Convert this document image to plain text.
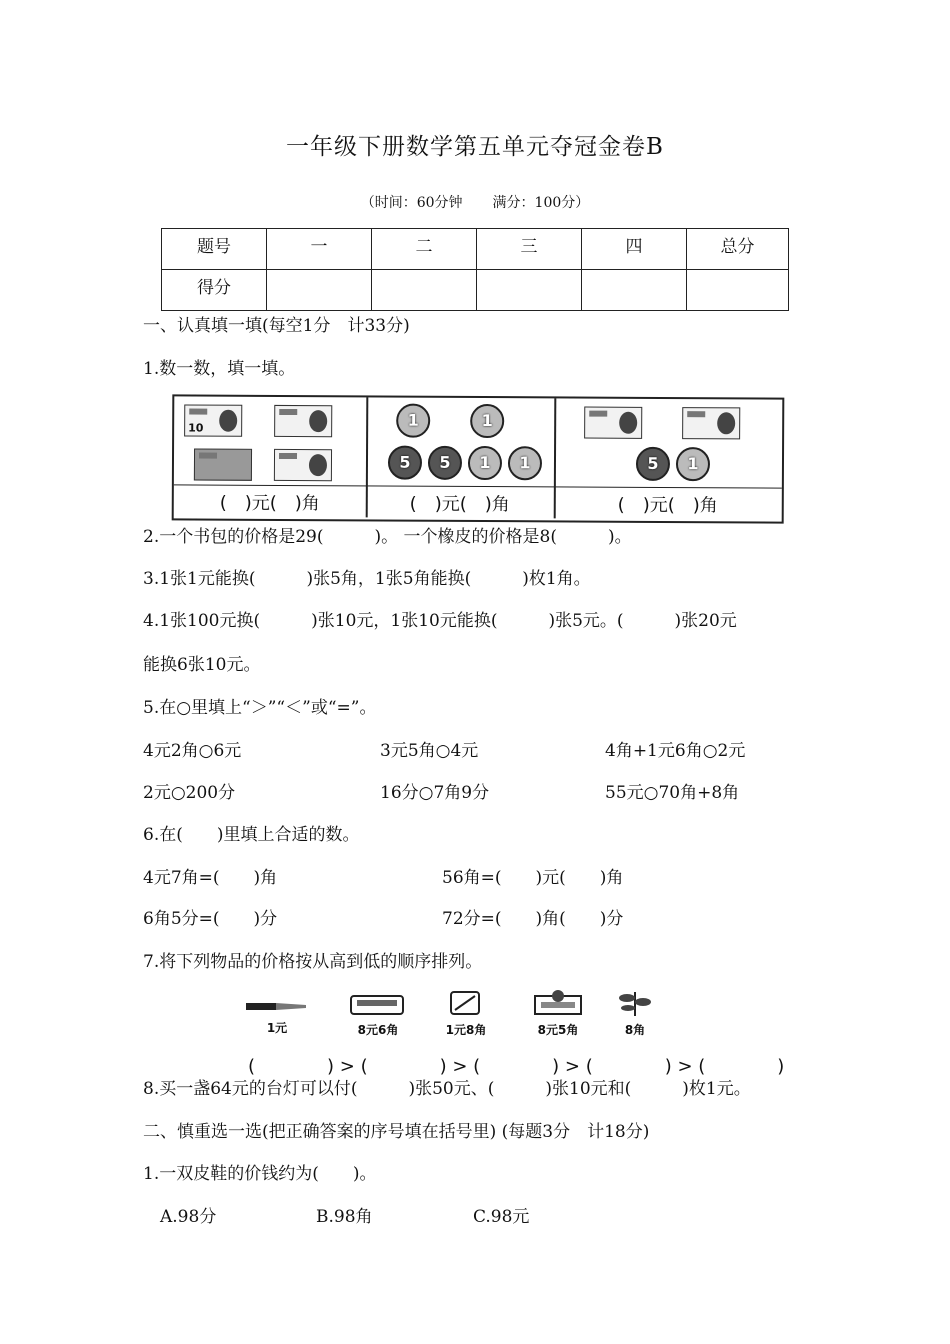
一年级下册数学第五单元夺冠金卷B
（时间：60分钟 满分：100分）
题号	一	二	三	四	总分
得分					
一、认真填一填(每空1分　计33分)
1.数一数，填一填。
10
(　)元(　)角
1	1
5	5	1	1
(　)元(　)角
5	1
(　)元(　)角
2.一个书包的价格是29(　　　)。 一个橡皮的价格是8(　　　)。
3.1张1元能换(　　　)张5角，1张5角能换(　　　)枚1角。
4.1张100元换(　　　)张10元，1张10元能换(　　　)张5元。(　　　)张20元
能换6张10元。
5.在○里填上“＞”“＜”或“=”。
4元2角○6元	3元5角○4元	4角+1元6角○2元
2元○200分	16分○7角9分	55元○70角+8角
6.在(　　)里填上合适的数。
4元7角=(　　)角	56角=(　　)元(　　)角
6角5分=(　　)分	72分=(　　)角(　　)分
7.将下列物品的价格按从高到低的顺序排列。
1元	8元6角	1元8角	8元5角	8角
(　　　　) > (　　　　) > (　　　　) > (　　　　) > (　　　　)
8.买一盏64元的台灯可以付(　　　)张50元、(　　　)张10元和(　　　)枚1元。
二、慎重选一选(把正确答案的序号填在括号里) (每题3分　计18分)
1.一双皮鞋的价钱约为(　　)。
A.98分	B.98角	C.98元
